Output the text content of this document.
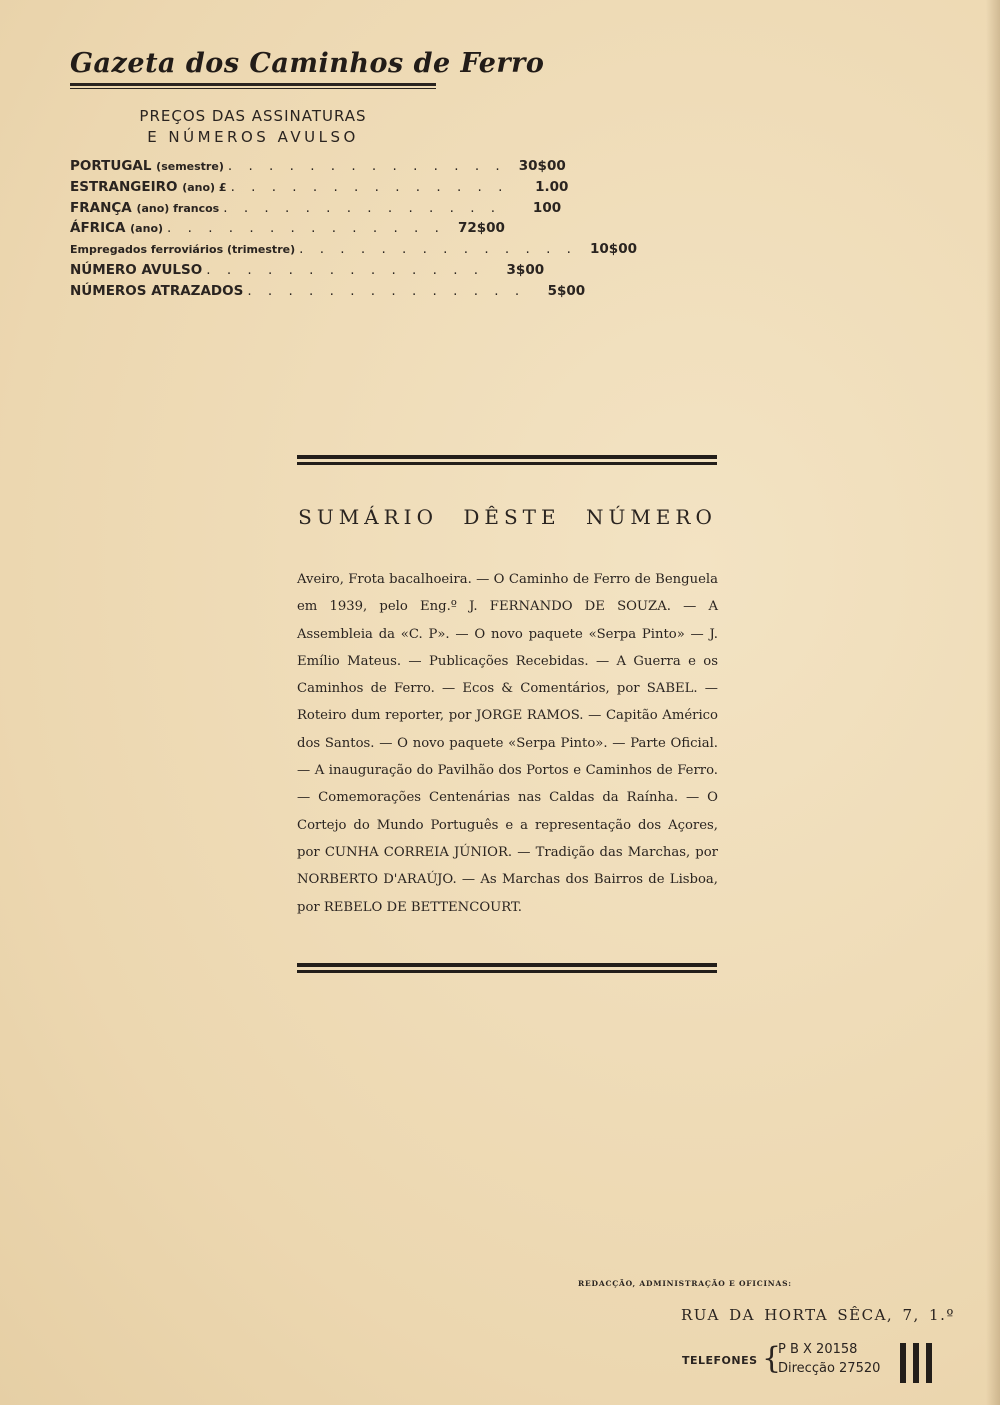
Gazeta dos Caminhos de Ferro
PREÇOS DAS ASSINATURAS
E NÚMEROS AVULSO
PORTUGAL (semestre) . . . . . . . . . . . . . . 30$00
ESTRANGEIRO (ano) £ . . . . . . . . . . . . . .	1.00
FRANÇA (ano) francos . . . . . . . . . . . . . .	100
ÁFRICA (ano) . . . . . . . . . . . . . . 72$00
Empregados ferroviários (trimestre) . . . . . . . . . . . . . . 10$00
NÚMERO AVULSO . . . . . . . . . . . . . .	3$00
NÚMEROS ATRAZADOS . . . . . . . . . . . . . .	5$00
SUMÁRIO DÊSTE NÚMERO
Aveiro, Frota bacalhoeira. — O Caminho de Ferro de Benguela em 1939, pelo Eng.º J. FERNANDO DE SOUZA. — A Assembleia da «C. P». — O novo paquete «Serpa Pinto» — J. Emílio Mateus. — Publicações Recebidas. — A Guerra e os Caminhos de Ferro. — Ecos & Comentários, por SABEL. — Roteiro dum reporter, por JORGE RAMOS. — Capitão Américo dos Santos. — O novo paquete «Serpa Pinto». — Parte Oficial. — A inauguração do Pavilhão dos Portos e Caminhos de Ferro. — Comemorações Centenárias nas Caldas da Raínha. — O Cortejo do Mundo Português e a representação dos Açores, por CUNHA CORREIA JÚNIOR. — Tradição das Marchas, por NORBERTO D'ARAÚJO. — As Marchas dos Bairros de Lisboa, por REBELO DE BETTENCOURT.
REDACÇÃO, ADMINISTRAÇÃO E OFICINAS:
RUA DA HORTA SÊCA, 7, 1.º
TELEFONES {
P B X 20158
Direcção 27520
